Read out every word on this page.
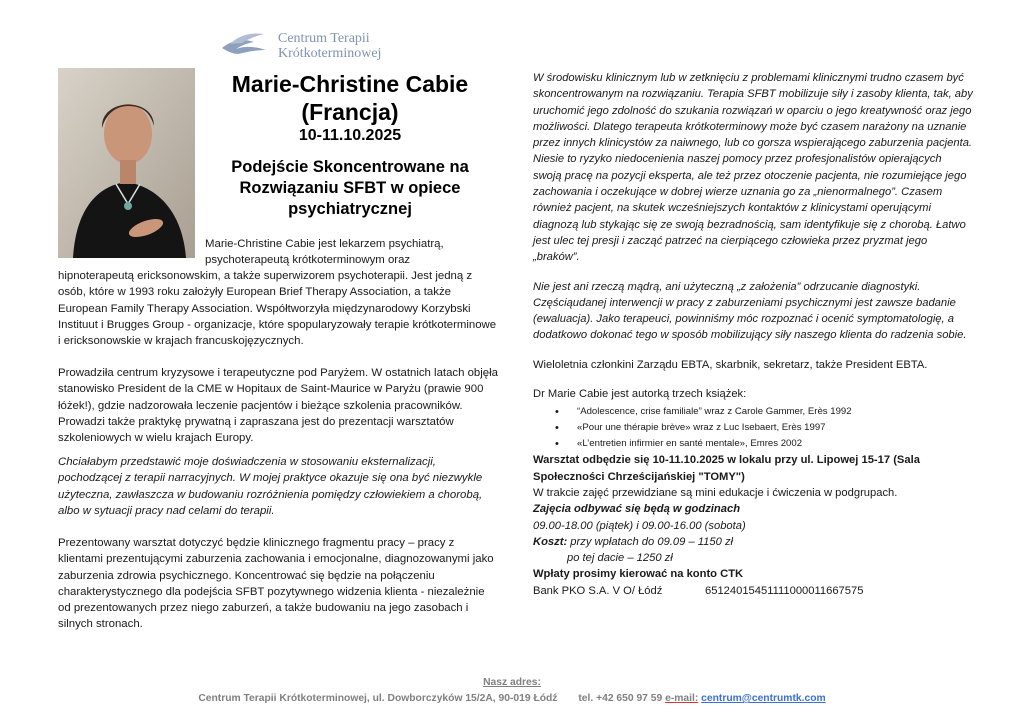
Centrum Terapii
Krótkoterminowej
Marie-Christine Cabie (Francja)
10-11.10.2025
Podejście Skoncentrowane na Rozwiązaniu SFBT w opiece psychiatrycznej
Marie-Christine Cabie jest lekarzem psychiatrą, psychoterapeutą krótkoterminowym oraz
hipnoterapeutą ericksonowskim, a także superwizorem psychoterapii. Jest jedną z osób, które w 1993 roku założyły European Brief Therapy Association, a także European Family Therapy Association. Współtworzyła międzynarodowy Korzybski Instituut i Brugges Group - organizacje, które spopularyzowały terapie krótkoterminowe i ericksonowskie w krajach francuskojęzycznych.
Prowadziła centrum kryzysowe i terapeutyczne pod Paryżem. W ostatnich latach objęła stanowisko President de la CME w Hopitaux de Saint-Maurice w Paryżu (prawie 900 łóżek!), gdzie nadzorowała leczenie pacjentów i bieżące szkolenia pracowników. Prowadzi także praktykę prywatną i zapraszana jest do prezentacji warsztatów szkoleniowych w wielu krajach Europy.
Chciałabym przedstawić moje doświadczenia w stosowaniu eksternalizacji, pochodzącej z terapii narracyjnych. W mojej praktyce okazuje się ona być niezwykle użyteczna, zawłaszcza w budowaniu rozróżnienia pomiędzy człowiekiem a chorobą, albo w sytuacji pracy nad celami do terapii.
Prezentowany warsztat dotyczyć będzie klinicznego fragmentu pracy – pracy z klientami prezentującymi zaburzenia zachowania i emocjonalne, diagnozowanymi jako zaburzenia zdrowia psychicznego. Koncentrować się będzie na połączeniu charakterystycznego dla podejścia SFBT pozytywnego widzenia klienta - niezależnie od prezentowanych przez niego zaburzeń, a także budowaniu na jego zasobach i silnych stronach.

W środowisku klinicznym lub w zetknięciu z problemami klinicznymi trudno czasem być skoncentrowanym na rozwiązaniu. Terapia SFBT mobilizuje siły i zasoby klienta, tak, aby uruchomić jego zdolność do szukania rozwiązań w oparciu o jego kreatywność oraz jego możliwości. Dlatego terapeuta krótkoterminowy może być czasem narażony na uznanie przez innych klinicystów za naiwnego, lub co gorsza wspierającego zaburzenia pacjenta. Niesie to ryzyko niedocenienia naszej pomocy przez profesjonalistów opierających swoją pracę na pozycji eksperta, ale też przez otoczenie pacjenta, nie rozumiejące jego zachowania i oczekujące w dobrej wierze uznania go za „nienormalnego”. Czasem również pacjent, na skutek wcześniejszych kontaktów z klinicystami operującymi diagnozą lub stykając się ze swoją bezradnością, sam identyfikuje się z chorobą. Łatwo jest ulec tej presji i zacząć patrzeć na cierpiącego człowieka przez pryzmat jego „braków”.

Nie jest ani rzeczą mądrą, ani użyteczną „z założenia” odrzucanie diagnostyki. Częściąudanej interwencji w pracy z zaburzeniami psychicznymi jest zawsze badanie (ewaluacja). Jako terapeuci, powinniśmy móc rozpoznać i ocenić symptomatologię, a dodatkowo dokonać tego w sposób mobilizujący siły naszego klienta do radzenia sobie.

Wieloletnia członkini Zarządu EBTA, skarbnik, sekretarz, także President EBTA.

Dr Marie Cabie jest autorką trzech książek:

• “Adolescence, crise familiale” wraz z Carole Gammer, Erès 1992
• «Pour une thérapie brève» wraz z Luc Isebaert, Erès 1997
• «L’entretien infirmier en santé mentale», Emres 2002

Warsztat odbędzie się 10-11.10.2025 w lokalu przy ul. Lipowej 15-17 (Sala Społeczności Chrześcijańskiej "TOMY")

W trakcie zajęć przewidziane są mini edukacje i ćwiczenia w podgrupach.

Zajęcia odbywać się będą w godzinach

09.00-18.00 (piątek) i 09.00-16.00 (sobota)

Koszt: przy wpłatach do 09.09 – 1150 zł

po tej dacie – 1250 zł

Wpłaty prosimy kierować na konto CTK

Bank PKO S.A. V O/ Łódź	65124015451111000011667575

Nasz adres:
Centrum Terapii Krótkoterminowej, ul. Dowborczyków 15/2A, 90-019 Łódź tel. +42 650 97 59 e-mail: centrum@centrumtk.com
